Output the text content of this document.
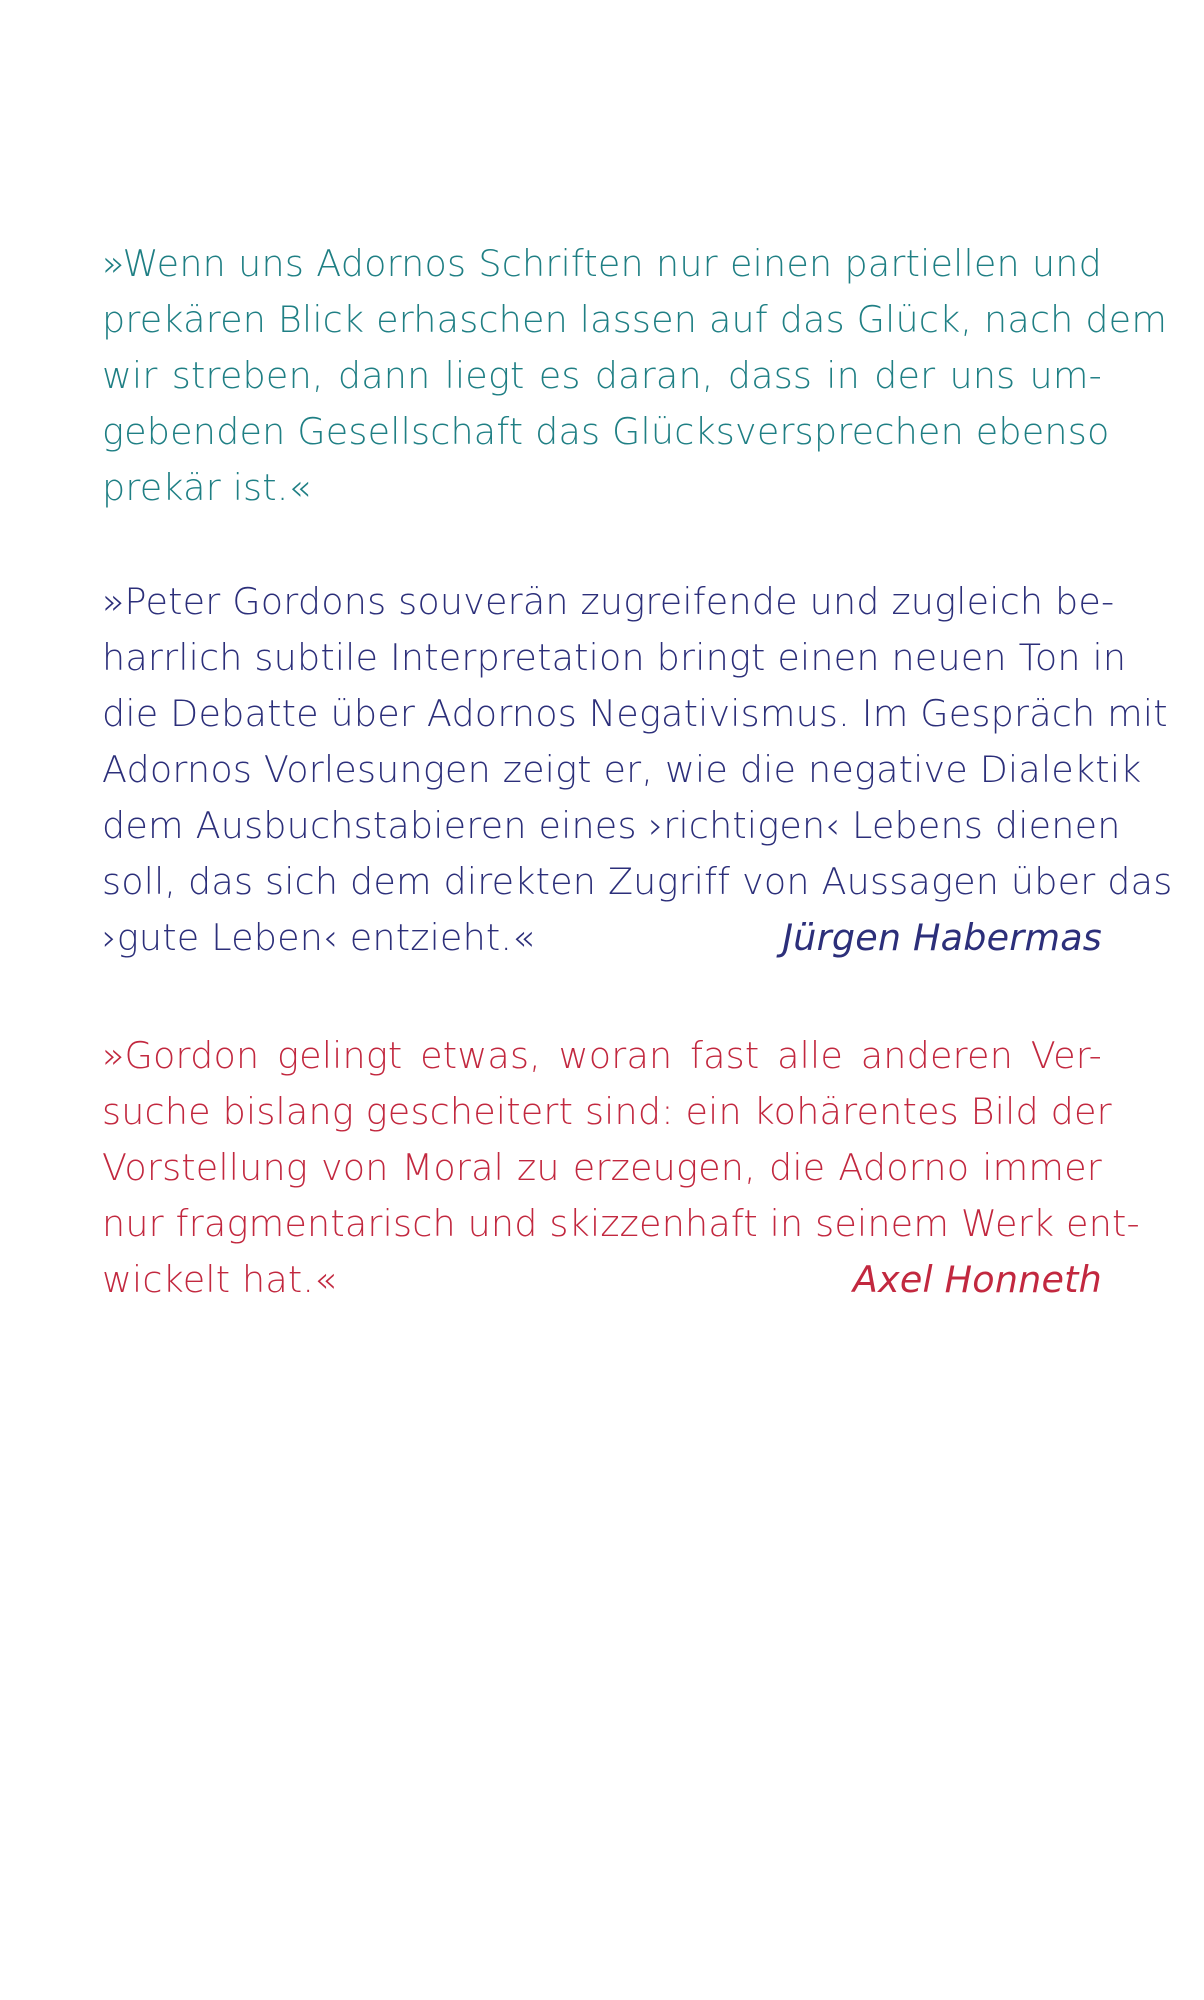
»Wenn uns Adornos Schriften nur einen partiellen und
prekären Blick erhaschen lassen auf das Glück, nach dem
wir streben, dann liegt es daran, dass in der uns um-
gebenden Gesellschaft das Glücksversprechen ebenso
prekär ist.«
»Peter Gordons souverän zugreifende und zugleich be-
harrlich subtile Interpretation bringt einen neuen Ton in
die Debatte über Adornos Negativismus. Im Gespräch mit
Adornos Vorlesungen zeigt er, wie die negative Dialektik
dem Ausbuchstabieren eines ›richtigen‹ Lebens dienen
soll, das sich dem direkten Zugriff von Aussagen über das
›gute Leben‹ entzieht.«	Jürgen Habermas
»Gordon gelingt etwas, woran fast alle anderen Ver-
suche bislang gescheitert sind: ein kohärentes Bild der
Vorstellung von Moral zu erzeugen, die Adorno immer
nur fragmentarisch und skizzenhaft in seinem Werk ent-
wickelt hat.«	Axel Honneth
